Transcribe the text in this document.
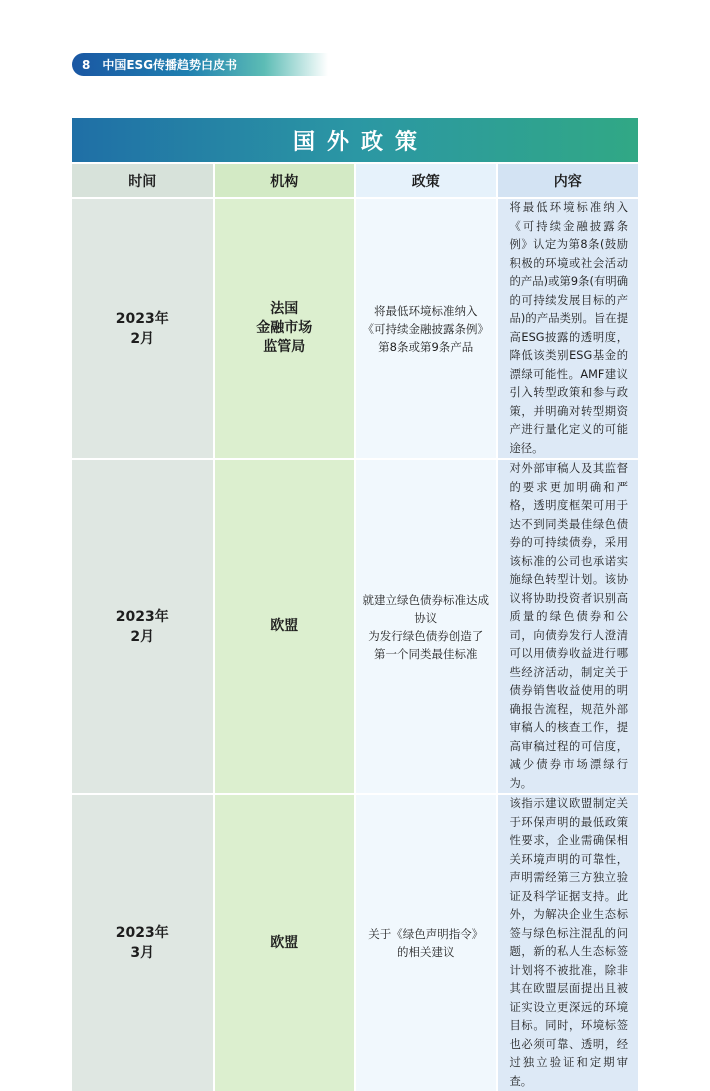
8 中国ESG传播趋势白皮书
国外政策

时间	机构	政策	内容

2023年
2月	法国
金融市场
监管局	将最低环境标准纳入
《可持续金融披露条例》
第8条或第9条产品	将最低环境标准纳入《可持续金融披露条例》认定为第8条(鼓励积极的环境或社会活动的产品)或第9条(有明确的可持续发展目标的产品)的产品类别。旨在提高ESG披露的透明度，降低该类别ESG基金的漂绿可能性。AMF建议引入转型政策和参与政策，并明确对转型期资产进行量化定义的可能途径。

2023年
2月	欧盟	就建立绿色债券标准达成协议
为发行绿色债券创造了
第一个同类最佳标准	对外部审稿人及其监督的要求更加明确和严格，透明度框架可用于达不到同类最佳绿色债券的可持续债券，采用该标准的公司也承诺实施绿色转型计划。该协议将协助投资者识别高质量的绿色债券和公司，向债券发行人澄清可以用债券收益进行哪些经济活动，制定关于债券销售收益使用的明确报告流程，规范外部审稿人的核查工作，提高审稿过程的可信度，减少债券市场漂绿行为。

2023年
3月	欧盟	关于《绿色声明指令》
的相关建议	该指示建议欧盟制定关于环保声明的最低政策性要求，企业需确保相关环境声明的可靠性，声明需经第三方独立验证及科学证据支持。此外，为解决企业生态标签与绿色标注混乱的问题，新的私人生态标签计划将不被批准，除非其在欧盟层面提出且被证实设立更深远的环境目标。同时，环境标签也必须可靠、透明，经过独立验证和定期审查。
